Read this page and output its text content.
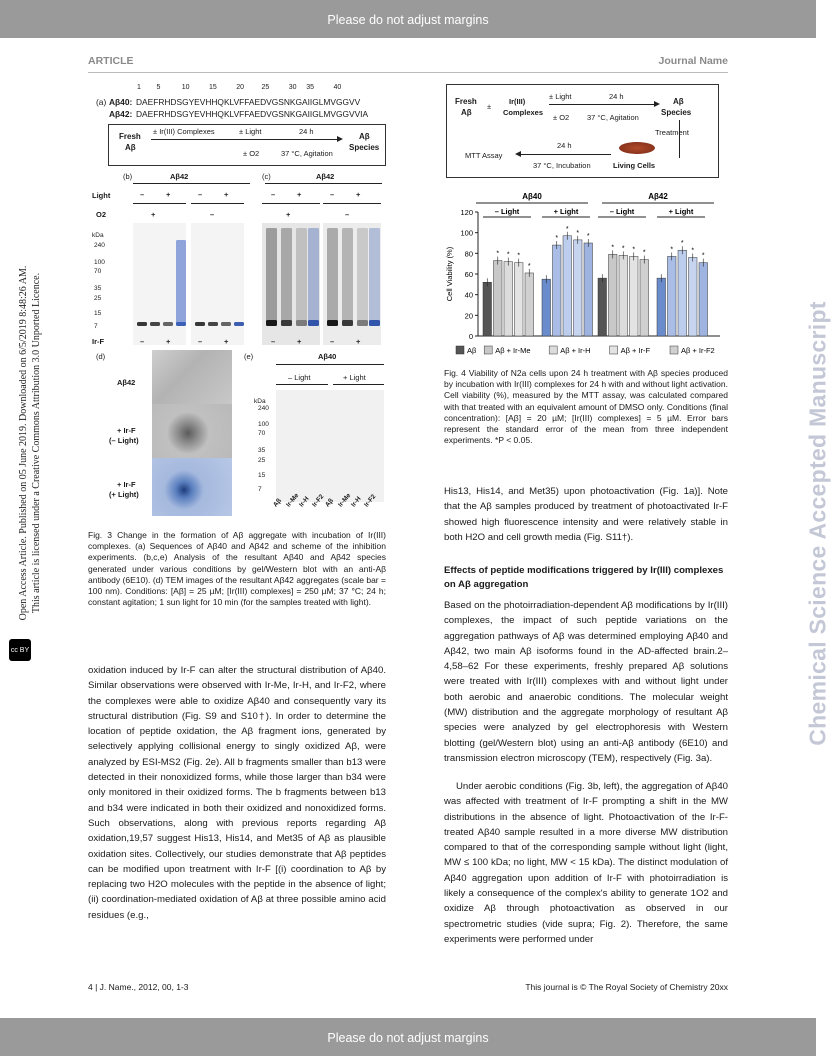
Please do not adjust margins
ARTICLE	Journal Name
Open Access Article. Published on 05 June 2019. Downloaded on 6/5/2019 8:48:26 AM. This article is licensed under a Creative Commons Attribution 3.0 Unported Licence.
cc BY	Chemical Science Accepted Manuscript
(a)
1        5           10          15          20         25          30     35          40
Aβ40: DAEFRHDSGYEVHHQKLVFFAEDVGSNKGAIIGLMVGGVV
Aβ42: DAEFRHDSGYEVHHQKLVFFAEDVGSNKGAIIGLMVGGVVIA
Fresh
Aβ
± Ir(III) Complexes	± Light	24 h
± O2	37 °C, Agitation
Aβ
Species
(b)	Aβ42	(c)	Aβ42
Light
O2
–	+	–	+	–	+	–	+
+	–	+	–
kDa
240
100
70
35
25
15
7
Ir-F	–	+	–	+	–	+	–	+
(d)
Aβ42
+ Ir-F
(– Light)
+ Ir-F
(+ Light)
(e)	Aβ40
– Light	+ Light
kDa
240
100
70
35
25
15
7
Aβ Ir-Me
Ir-H Ir-F2
Aβ Ir-Me
Ir-H Ir-F2
Fig. 3 Change in the formation of Aβ aggregate with incubation of Ir(III) complexes. (a) Sequences of Aβ40 and Aβ42 and scheme of the inhibition experiments. (b,c,e) Analysis of the resultant Aβ40 and Aβ42 species generated under various conditions by gel/Western blot with an anti-Aβ antibody (6E10). (d) TEM images of the resultant Aβ42 aggregates (scale bar = 100 nm). Conditions: [Aβ] = 25 µM; [Ir(III) complexes] = 250 µM; 37 °C; 24 h; constant agitation; 1 sun light for 10 min (for the samples treated with light).
Fresh
Aβ
±
Ir(III)
Complexes
± Light	24 h
± O2 37 °C, Agitation
Aβ
Species
Treatment
MTT Assay
24 h
37 °C, Incubation	Living Cells
0
20
40
60
80
100
120
Cell Viability (%)	* * *
*
*
*
* *
* * * *	*
*
*
*
Aβ40
– Light	+ Light
Aβ42
– Light	+ Light
Aβ	Aβ + Ir-Me	Aβ + Ir-H	Aβ + Ir-F	Aβ + Ir-F2
Fig. 4 Viability of N2a cells upon 24 h treatment with Aβ species produced by incubation with Ir(III) complexes for 24 h with and without light activation. Cell viability (%), measured by the MTT assay, was calculated compared with that treated with an equivalent amount of DMSO only. Conditions (final concentration): [Aβ] = 20 µM; [Ir(III) complexes] = 5 µM. Error bars represent the standard error of the mean from three independent experiments. *P < 0.05.

His13, His14, and Met35) upon photoactivation (Fig. 1a)]. Note that the Aβ samples produced by treatment of photoactivated Ir-F showed high fluorescence intensity and were relatively stable in both H2O and cell growth media (Fig. S11†).

Effects of peptide modifications triggered by Ir(III) complexes on Aβ aggregation

Based on the photoirradiation-dependent Aβ modifications by Ir(III) complexes, the impact of such peptide variations on the aggregation pathways of Aβ was determined employing Aβ40 and Aβ42, two main Aβ isoforms found in the AD-affected brain.2–4,58–62 For these experiments, freshly prepared Aβ solutions were treated with Ir(III) complexes with and without light under both aerobic and anaerobic conditions. The molecular weight (MW) distribution and the aggregate morphology of resultant Aβ species were analyzed by gel electrophoresis with Western blotting (gel/Western blot) using an anti-Aβ antibody (6E10) and transmission electron microscopy (TEM), respectively (Fig. 3a).

Under aerobic conditions (Fig. 3b, left), the aggregation of Aβ40 was affected with treatment of Ir-F prompting a shift in the MW distributions in the absence of light. Photoactivation of the Ir-F-treated Aβ40 sample resulted in a more diverse MW distribution compared to that of the corresponding sample without light (light, MW ≤ 100 kDa; no light, MW < 15 kDa). The distinct modulation of Aβ40 aggregation upon addition of Ir-F with photoirradiation is likely a consequence of the complex's ability to generate 1O2 and oxidize Aβ through photoactivation as observed in our spectrometric studies (vide supra; Fig. 2). Therefore, the same experiments were performed under

oxidation induced by Ir-F can alter the structural distribution of Aβ40. Similar observations were observed with Ir-Me, Ir-H, and Ir-F2, where the complexes were able to oxidize Aβ40 and consequently vary its structural distribution (Fig. S9 and S10†). In order to determine the location of peptide oxidation, the Aβ fragment ions, generated by selectively applying collisional energy to singly oxidized Aβ, were analyzed by ESI-MS2 (Fig. 2e). All b fragments smaller than b13 were detected in their nonoxidized forms, while those larger than b34 were only monitored in their oxidized forms. The b fragments between b13 and b34 were indicated in both their oxidized and nonoxidized forms. Such observations, along with previous reports regarding Aβ oxidation,19,57 suggest His13, His14, and Met35 of Aβ as plausible oxidation sites. Collectively, our studies demonstrate that Aβ peptides can be modified upon treatment with Ir-F [(i) coordination to Aβ by replacing two H2O molecules with the peptide in the absence of light; (ii) coordination-mediated oxidation of Aβ at three possible amino acid residues (e.g.,

4 | J. Name., 2012, 00, 1-3	This journal is © The Royal Society of Chemistry 20xx
Please do not adjust margins
